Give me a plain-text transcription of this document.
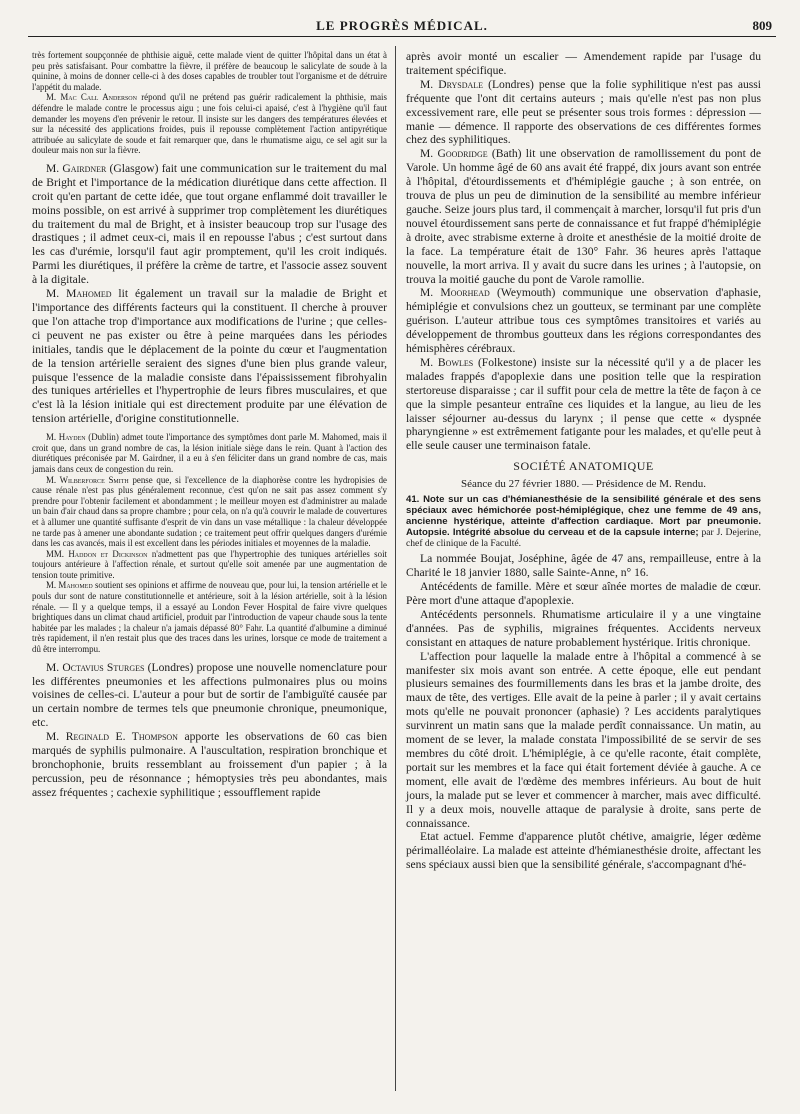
LE PROGRÈS MÉDICAL.	809

très fortement soupçonnée de phthisie aiguë, cette malade vient de quitter l'hôpital dans un état à peu près satisfaisant. Pour combattre la fièvre, il préfère de beaucoup le salicylate de soude à la quinine, à moins de donner celle-ci à des doses capables de troubler tout l'organisme et de détruire l'appétit du malade.

M. Mac Call Anderson répond qu'il ne prétend pas guérir radicalement la phthisie, mais défendre le malade contre le processus aigu ; une fois celui-ci apaisé, c'est à l'hygiène qu'il faut demander les moyens d'en prévenir le retour. Il insiste sur les dangers des températures élevées et sur la nécessité des applications froides, puis il repousse complètement l'action antipyrétique attribuée au salicylate de soude et fait remarquer que, dans le rhumatisme aigu, ce sel agit sur la douleur mais non sur la fièvre.

M. Gairdner (Glasgow) fait une communication sur le traitement du mal de Bright et l'importance de la médication diurétique dans cette affection. Il croit qu'en partant de cette idée, que tout organe enflammé doit travailler le moins possible, on est arrivé à supprimer trop complètement les diurétiques du traitement du mal de Bright, et à insister beaucoup trop sur l'usage des drastiques ; il admet ceux-ci, mais il en repousse l'abus ; c'est surtout dans les cas d'urémie, lorsqu'il faut agir promptement, qu'il les croit indiqués. Parmi les diurétiques, il préfère la crème de tartre, et l'associe assez souvent à la digitale.

M. Mahomed lit également un travail sur la maladie de Bright et l'importance des différents facteurs qui la constituent. Il cherche à prouver que l'on attache trop d'importance aux modifications de l'urine ; que celles-ci peuvent ne pas exister ou être à peine marquées dans les périodes initiales, tandis que le déplacement de la pointe du cœur et l'augmentation de la tension artérielle seraient des signes d'une bien plus grande valeur, puisque l'essence de la maladie consiste dans l'épaississement fibrohyalin des tuniques artérielles et l'hypertrophie de leurs fibres musculaires, et que c'est là la lésion initiale qui est directement produite par une élévation de tension artérielle, d'origine constitutionnelle.

M. Hayden (Dublin) admet toute l'importance des symptômes dont parle M. Mahomed, mais il croit que, dans un grand nombre de cas, la lésion initiale siège dans le rein. Quant à l'action des diurétiques préconisée par M. Gairdner, il a eu à s'en féliciter dans un grand nombre de cas, mais jamais dans ceux de congestion du rein.

M. Wilberforce Smith pense que, si l'excellence de la diaphorèse contre les hydropisies de cause rénale n'est pas plus généralement reconnue, c'est qu'on ne sait pas assez comment s'y prendre pour l'obtenir facilement et abondamment ; le meilleur moyen est d'administrer au malade un bain d'air chaud dans sa propre chambre ; pour cela, on n'a qu'à couvrir le malade de couvertures et à allumer une quantité suffisante d'esprit de vin dans un vase métallique : la chaleur développée ne tarde pas à amener une abondante sudation ; ce traitement peut offrir quelques dangers d'urémie dans les cas avancés, mais il est excellent dans les périodes initiales et moyennes de la maladie.

MM. Haddon et Dickinson n'admettent pas que l'hypertrophie des tuniques artérielles soit toujours antérieure à l'affection rénale, et surtout qu'elle soit amenée par une augmentation de tension toute primitive.

M. Mahomed soutient ses opinions et affirme de nouveau que, pour lui, la tension artérielle et le pouls dur sont de nature constitutionnelle et antérieure, soit à la lésion artérielle, soit à la lésion rénale. — Il y a quelque temps, il a essayé au London Fever Hospital de faire vivre quelques brightiques dans un climat chaud artificiel, produit par l'introduction de vapeur chaude sous la tente habitée par les malades ; la chaleur n'a jamais dépassé 80° Fahr. La quantité d'albumine a diminué très rapidement, il n'en restait plus que des traces dans les urines, lorsque ce mode de traitement a dû être interrompu.

M. Octavius Sturges (Londres) propose une nouvelle nomenclature pour les différentes pneumonies et les affections pulmonaires plus ou moins voisines de celles-ci. L'auteur a pour but de sortir de l'ambiguïté causée par un certain nombre de termes tels que pneumonie chronique, pneumonique, etc.

M. Reginald E. Thompson apporte les observations de 60 cas bien marqués de syphilis pulmonaire. A l'auscultation, respiration bronchique et bronchophonie, bruits ressemblant au froissement d'un papier ; à la percussion, peu de résonnance ; hémoptysies très peu abondantes, mais assez fréquentes ; cachexie syphilitique ; essoufflement rapide

après avoir monté un escalier — Amendement rapide par l'usage du traitement spécifique.

M. Drysdale (Londres) pense que la folie syphilitique n'est pas aussi fréquente que l'ont dit certains auteurs ; mais qu'elle n'est pas non plus excessivement rare, elle peut se présenter sous trois formes : dépression — manie — démence. Il rapporte des observations de ces différentes formes chez des syphilitiques.

M. Goodridge (Bath) lit une observation de ramollissement du pont de Varole. Un homme âgé de 60 ans avait été frappé, dix jours avant son entrée à l'hôpital, d'étourdissements et d'hémiplégie gauche ; à son entrée, on trouva de plus un peu de diminution de la sensibilité au membre inférieur gauche. Seize jours plus tard, il commençait à marcher, lorsqu'il fut pris d'un nouvel étourdissement sans perte de connaissance et fut frappé d'hémiplégie à droite, avec strabisme externe à droite et anesthésie de la moitié droite de la face. La température était de 130° Fahr. 36 heures après l'attaque nouvelle, la mort arriva. Il y avait du sucre dans les urines ; à l'autopsie, on trouva la moitié gauche du pont de Varole ramollie.

M. Moorhead (Weymouth) communique une observation d'aphasie, hémiplégie et convulsions chez un goutteux, se terminant par une complète guérison. L'auteur attribue tous ces symptômes transitoires et variés au développement de thrombus goutteux dans les régions correspondantes des hémisphères cérébraux.

M. Bowles (Folkestone) insiste sur la nécessité qu'il y a de placer les malades frappés d'apoplexie dans une position telle que la respiration stertoreuse disparaisse ; car il suffit pour cela de mettre la tête de façon à ce que la simple pesanteur entraîne ces liquides et la langue, au lieu de les laisser séjourner au-dessus du larynx ; il pense que cette « dyspnée pharyngienne » est extrêmement fatigante pour les malades, et qu'elle peut à elle seule causer une terminaison fatale.

SOCIÉTÉ ANATOMIQUE
Séance du 27 février 1880. — Présidence de M. Rendu.

41. Note sur un cas d'hémianesthésie de la sensibilité générale et des sens spéciaux avec hémichorée post-hémiplégique, chez une femme de 49 ans, ancienne hystérique, atteinte d'affection cardiaque. Mort par pneumonie. Autopsie. Intégrité absolue du cerveau et de la capsule interne; par J. Dejerine, chef de clinique de la Faculté.

La nommée Boujat, Joséphine, âgée de 47 ans, rempailleuse, entre à la Charité le 18 janvier 1880, salle Sainte-Anne, n° 16.

Antécédents de famille. Mère et sœur aînée mortes de maladie de cœur. Père mort d'une attaque d'apoplexie.

Antécédents personnels. Rhumatisme articulaire il y a une vingtaine d'années. Pas de syphilis, migraines fréquentes. Accidents nerveux consistant en attaques de nature probablement hystérique. Iritis chronique.

L'affection pour laquelle la malade entre à l'hôpital a commencé à se manifester six mois avant son entrée. A cette époque, elle eut pendant plusieurs semaines des fourmillements dans les bras et la jambe droite, des maux de tête, des vertiges. Elle avait de la peine à parler ; il y avait certains mots qu'elle ne pouvait prononcer (aphasie) ? Les accidents paralytiques survinrent un matin sans que la malade perdît connaissance. Un matin, au moment de se lever, la malade constata l'impossibilité de se servir de ses membres du côté droit. L'hémiplégie, à ce qu'elle raconte, était complète, portait sur les membres et la face qui était fortement déviée à gauche. A ce moment, elle avait de l'œdème des membres inférieurs. Au bout de huit jours, la malade put se lever et commencer à marcher, mais avec difficulté. Il y a deux mois, nouvelle attaque de paralysie à droite, sans perte de connaissance.

Etat actuel. Femme d'apparence plutôt chétive, amaigrie, léger œdème périmalléolaire. La malade est atteinte d'hémianesthésie droite, affectant les sens spéciaux aussi bien que la sensibilité générale, s'accompagnant d'hé-
